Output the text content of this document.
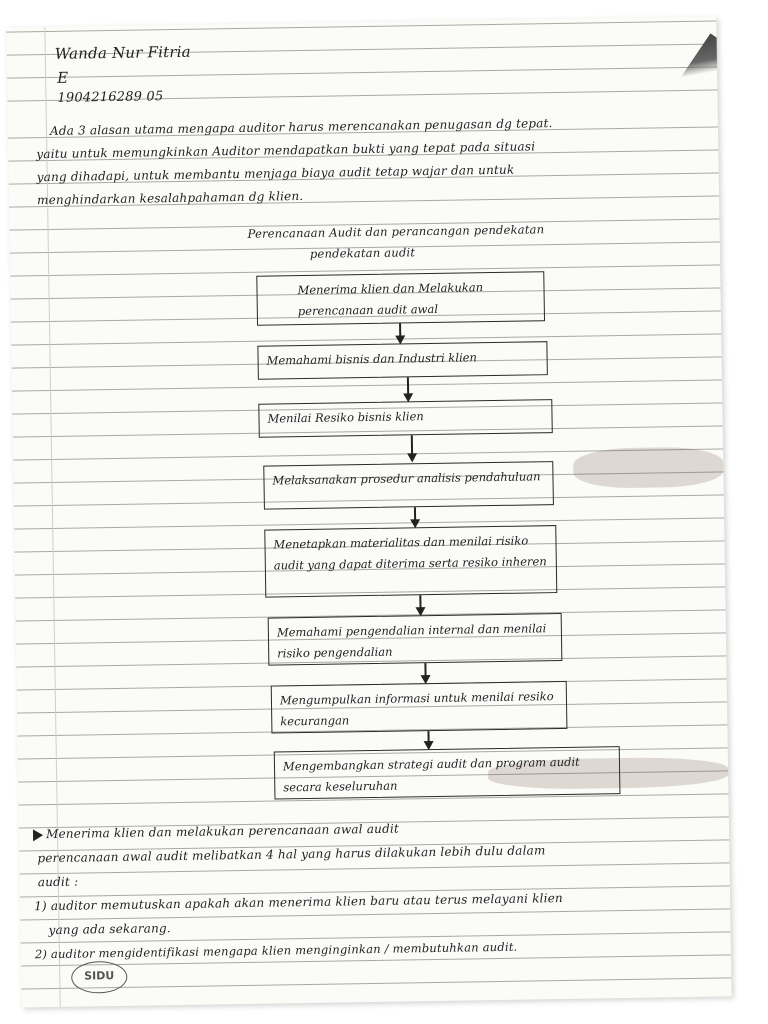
Wanda Nur Fitria
E
1904216289 05
Ada 3 alasan utama mengapa auditor harus merencanakan penugasan dg tepat.
yaitu untuk memungkinkan Auditor mendapatkan bukti yang tepat pada situasi
yang dihadapi, untuk membantu menjaga biaya audit tetap wajar dan untuk
menghindarkan kesalahpahaman dg klien.
Perencanaan Audit dan perancangan pendekatan
pendekatan audit
Menerima klien dan Melakukan perencanaan audit awal
Memahami bisnis dan Industri klien
Menilai Resiko bisnis klien
Melaksanakan prosedur analisis pendahuluan
Menetapkan materialitas dan menilai risiko audit yang dapat diterima serta resiko inheren
Memahami pengendalian internal dan menilai risiko pengendalian
Mengumpulkan informasi untuk menilai resiko kecurangan
Mengembangkan strategi audit dan program audit secara keseluruhan
Menerima klien dan melakukan perencanaan awal audit
perencanaan awal audit melibatkan 4 hal yang harus dilakukan lebih dulu dalam
audit :
1) auditor memutuskan apakah akan menerima klien baru atau terus melayani klien
yang ada sekarang.
2) auditor mengidentifikasi mengapa klien menginginkan / membutuhkan audit.
SIDU
